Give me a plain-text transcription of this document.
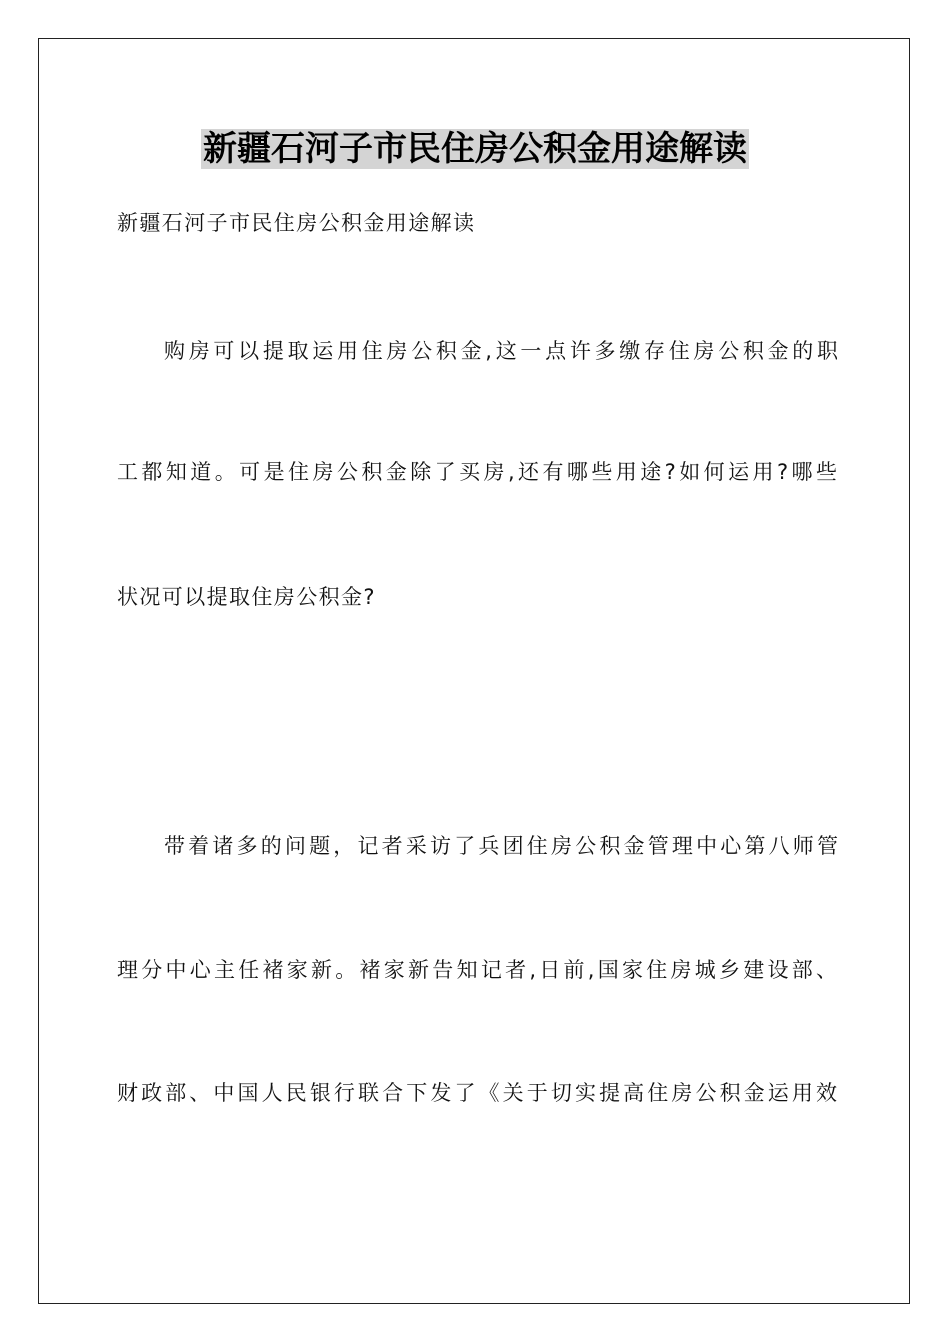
新疆石河子市民住房公积金用途解读
新疆石河子市民住房公积金用途解读
购房可以提取运用住房公积金,这一点许多缴存住房公积金的职
工都知道。可是住房公积金除了买房,还有哪些用途?如何运用?哪些
状况可以提取住房公积金?
带着诸多的问题，记者采访了兵团住房公积金管理中心第八师管
理分中心主任褚家新。褚家新告知记者,日前,国家住房城乡建设部、
财政部、中国人民银行联合下发了《关于切实提高住房公积金运用效
